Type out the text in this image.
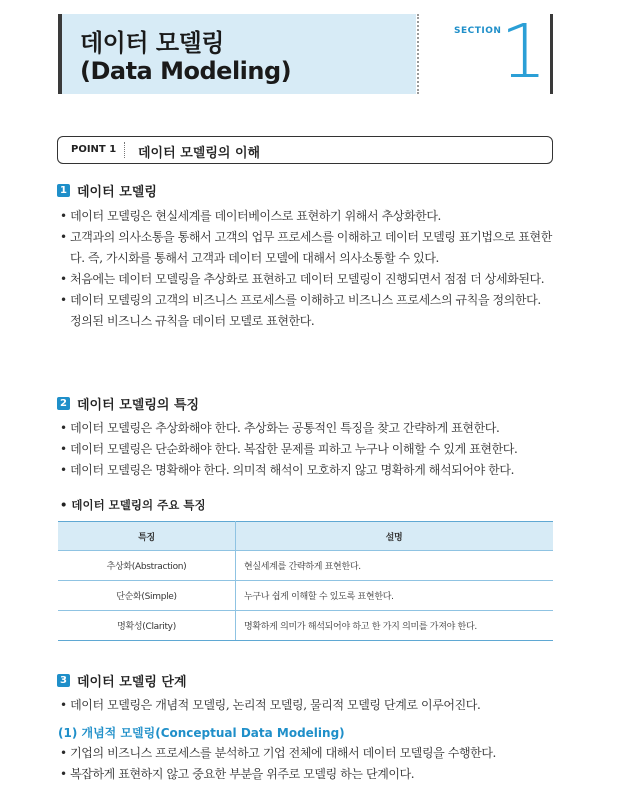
데이터 모델링
(Data Modeling)
SECTION
1
POINT 1 데이터 모델링의 이해
1 데이터 모델링
• 데이터 모델링은 현실세계를 데이터베이스로 표현하기 위해서 추상화한다.
• 고객과의 의사소통을 통해서 고객의 업무 프로세스를 이해하고 데이터 모델링 표기법으로 표현한다. 즉, 가시화를 통해서 고객과 데이터 모델에 대해서 의사소통할 수 있다.
• 처음에는 데이터 모델링을 추상화로 표현하고 데이터 모델링이 진행되면서 점점 더 상세화된다.
• 데이터 모델링의 고객의 비즈니스 프로세스를 이해하고 비즈니스 프로세스의 규칙을 정의한다. 정의된 비즈니스 규칙을 데이터 모델로 표현한다.
2 데이터 모델링의 특징
• 데이터 모델링은 추상화해야 한다. 추상화는 공통적인 특징을 찾고 간략하게 표현한다.
• 데이터 모델링은 단순화해야 한다. 복잡한 문제를 피하고 누구나 이해할 수 있게 표현한다.
• 데이터 모델링은 명확해야 한다. 의미적 해석이 모호하지 않고 명확하게 해석되어야 한다.
• 데이터 모델링의 주요 특징
특징	설명
추상화(Abstraction)	현실세계를 간략하게 표현한다.
단순화(Simple)	누구나 쉽게 이해할 수 있도록 표현한다.
명확성(Clarity)	명확하게 의미가 해석되어야 하고 한 가지 의미를 가져야 한다.
3 데이터 모델링 단계
• 데이터 모델링은 개념적 모델링, 논리적 모델링, 물리적 모델링 단계로 이루어진다.
(1) 개념적 모델링(Conceptual Data Modeling)
• 기업의 비즈니스 프로세스를 분석하고 기업 전체에 대해서 데이터 모델링을 수행한다.
• 복잡하게 표현하지 않고 중요한 부분을 위주로 모델링 하는 단계이다.
